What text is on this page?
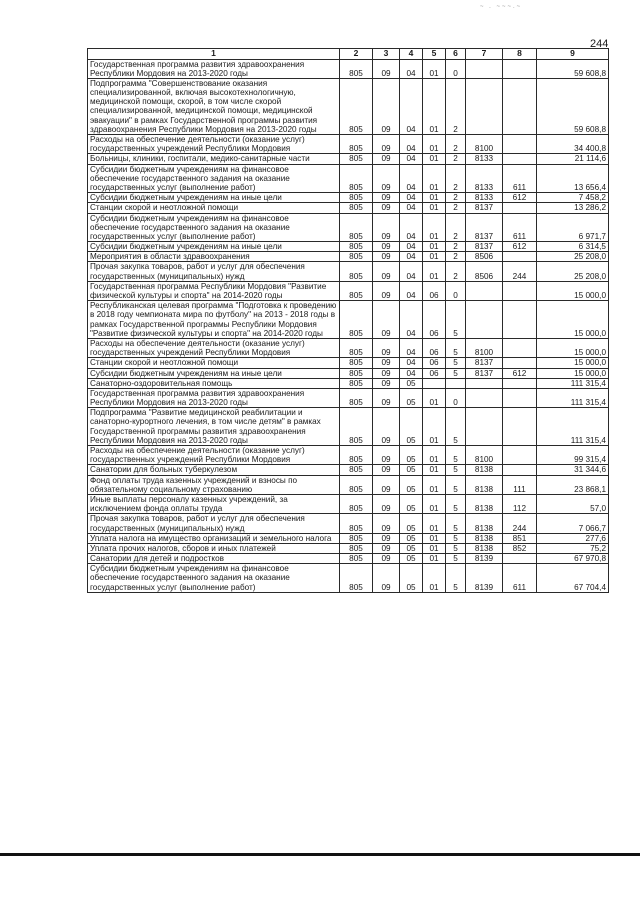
~ . ~~~.~
244
1	2	3	4	5	6	7	8	9
Государственная программа развития здравоохранения Республики Мордовия на 2013-2020 годы	805	09	04	01	0			59 608,8
Подпрограмма "Совершенствование оказания специализированной, включая высокотехнологичную, медицинской помощи, скорой, в том числе скорой специализированной, медицинской помощи, медицинской эвакуации" в рамках Государственной программы развития здравоохранения Республики Мордовия на 2013-2020 годы	805	09	04	01	2			59 608,8
Расходы на обеспечение деятельности (оказание услуг) государственных учреждений Республики Мордовия	805	09	04	01	2	8100		34 400,8
Больницы, клиники, госпитали, медико-санитарные части	805	09	04	01	2	8133		21 114,6
Субсидии бюджетным учреждениям на финансовое обеспечение государственного задания на оказание государственных услуг (выполнение работ)	805	09	04	01	2	8133	611	13 656,4
Субсидии бюджетным учреждениям на иные цели	805	09	04	01	2	8133	612	7 458,2
Станции скорой и неотложной помощи	805	09	04	01	2	8137		13 286,2
Субсидии бюджетным учреждениям на финансовое обеспечение государственного задания на оказание государственных услуг (выполнение работ)	805	09	04	01	2	8137	611	6 971,7
Субсидии бюджетным учреждениям на иные цели	805	09	04	01	2	8137	612	6 314,5
Мероприятия в области здравоохранения	805	09	04	01	2	8506		25 208,0
Прочая закупка товаров, работ и услуг для обеспечения государственных (муниципальных) нужд	805	09	04	01	2	8506	244	25 208,0
Государственная программа Республики Мордовия "Развитие физической культуры и спорта" на 2014-2020 годы	805	09	04	06	0			15 000,0
Республиканская целевая программа "Подготовка к проведению в 2018 году чемпионата мира по футболу" на 2013 - 2018 годы в рамках Государственной программы Республики Мордовия "Развитие физической культуры и спорта" на 2014-2020 годы	805	09	04	06	5			15 000,0
Расходы на обеспечение деятельности (оказание услуг) государственных учреждений Республики Мордовия	805	09	04	06	5	8100		15 000,0
Станции скорой и неотложной помощи	805	09	04	06	5	8137		15 000,0
Субсидии бюджетным учреждениям на иные цели	805	09	04	06	5	8137	612	15 000,0
Санаторно-оздоровительная помощь	805	09	05					111 315,4
Государственная программа развития здравоохранения Республики Мордовия на 2013-2020 годы	805	09	05	01	0			111 315,4
Подпрограмма "Развитие медицинской реабилитации и санаторно-курортного лечения, в том числе детям" в рамках Государственной программы развития здравоохранения Республики Мордовия на 2013-2020 годы	805	09	05	01	5			111 315,4
Расходы на обеспечение деятельности (оказание услуг) государственных учреждений Республики Мордовия	805	09	05	01	5	8100		99 315,4
Санатории для больных туберкулезом	805	09	05	01	5	8138		31 344,6
Фонд оплаты труда казенных учреждений и взносы по обязательному социальному страхованию	805	09	05	01	5	8138	111	23 868,1
Иные выплаты персоналу казенных учреждений, за исключением фонда оплаты труда	805	09	05	01	5	8138	112	57,0
Прочая закупка товаров, работ и услуг для обеспечения государственных (муниципальных) нужд	805	09	05	01	5	8138	244	7 066,7
Уплата налога на имущество организаций и земельного налога	805	09	05	01	5	8138	851	277,6
Уплата прочих налогов, сборов и иных платежей	805	09	05	01	5	8138	852	75,2
Санатории для детей и подростков	805	09	05	01	5	8139		67 970,8
Субсидии бюджетным учреждениям на финансовое обеспечение государственного задания на оказание государственных услуг (выполнение работ)	805	09	05	01	5	8139	611	67 704,4
